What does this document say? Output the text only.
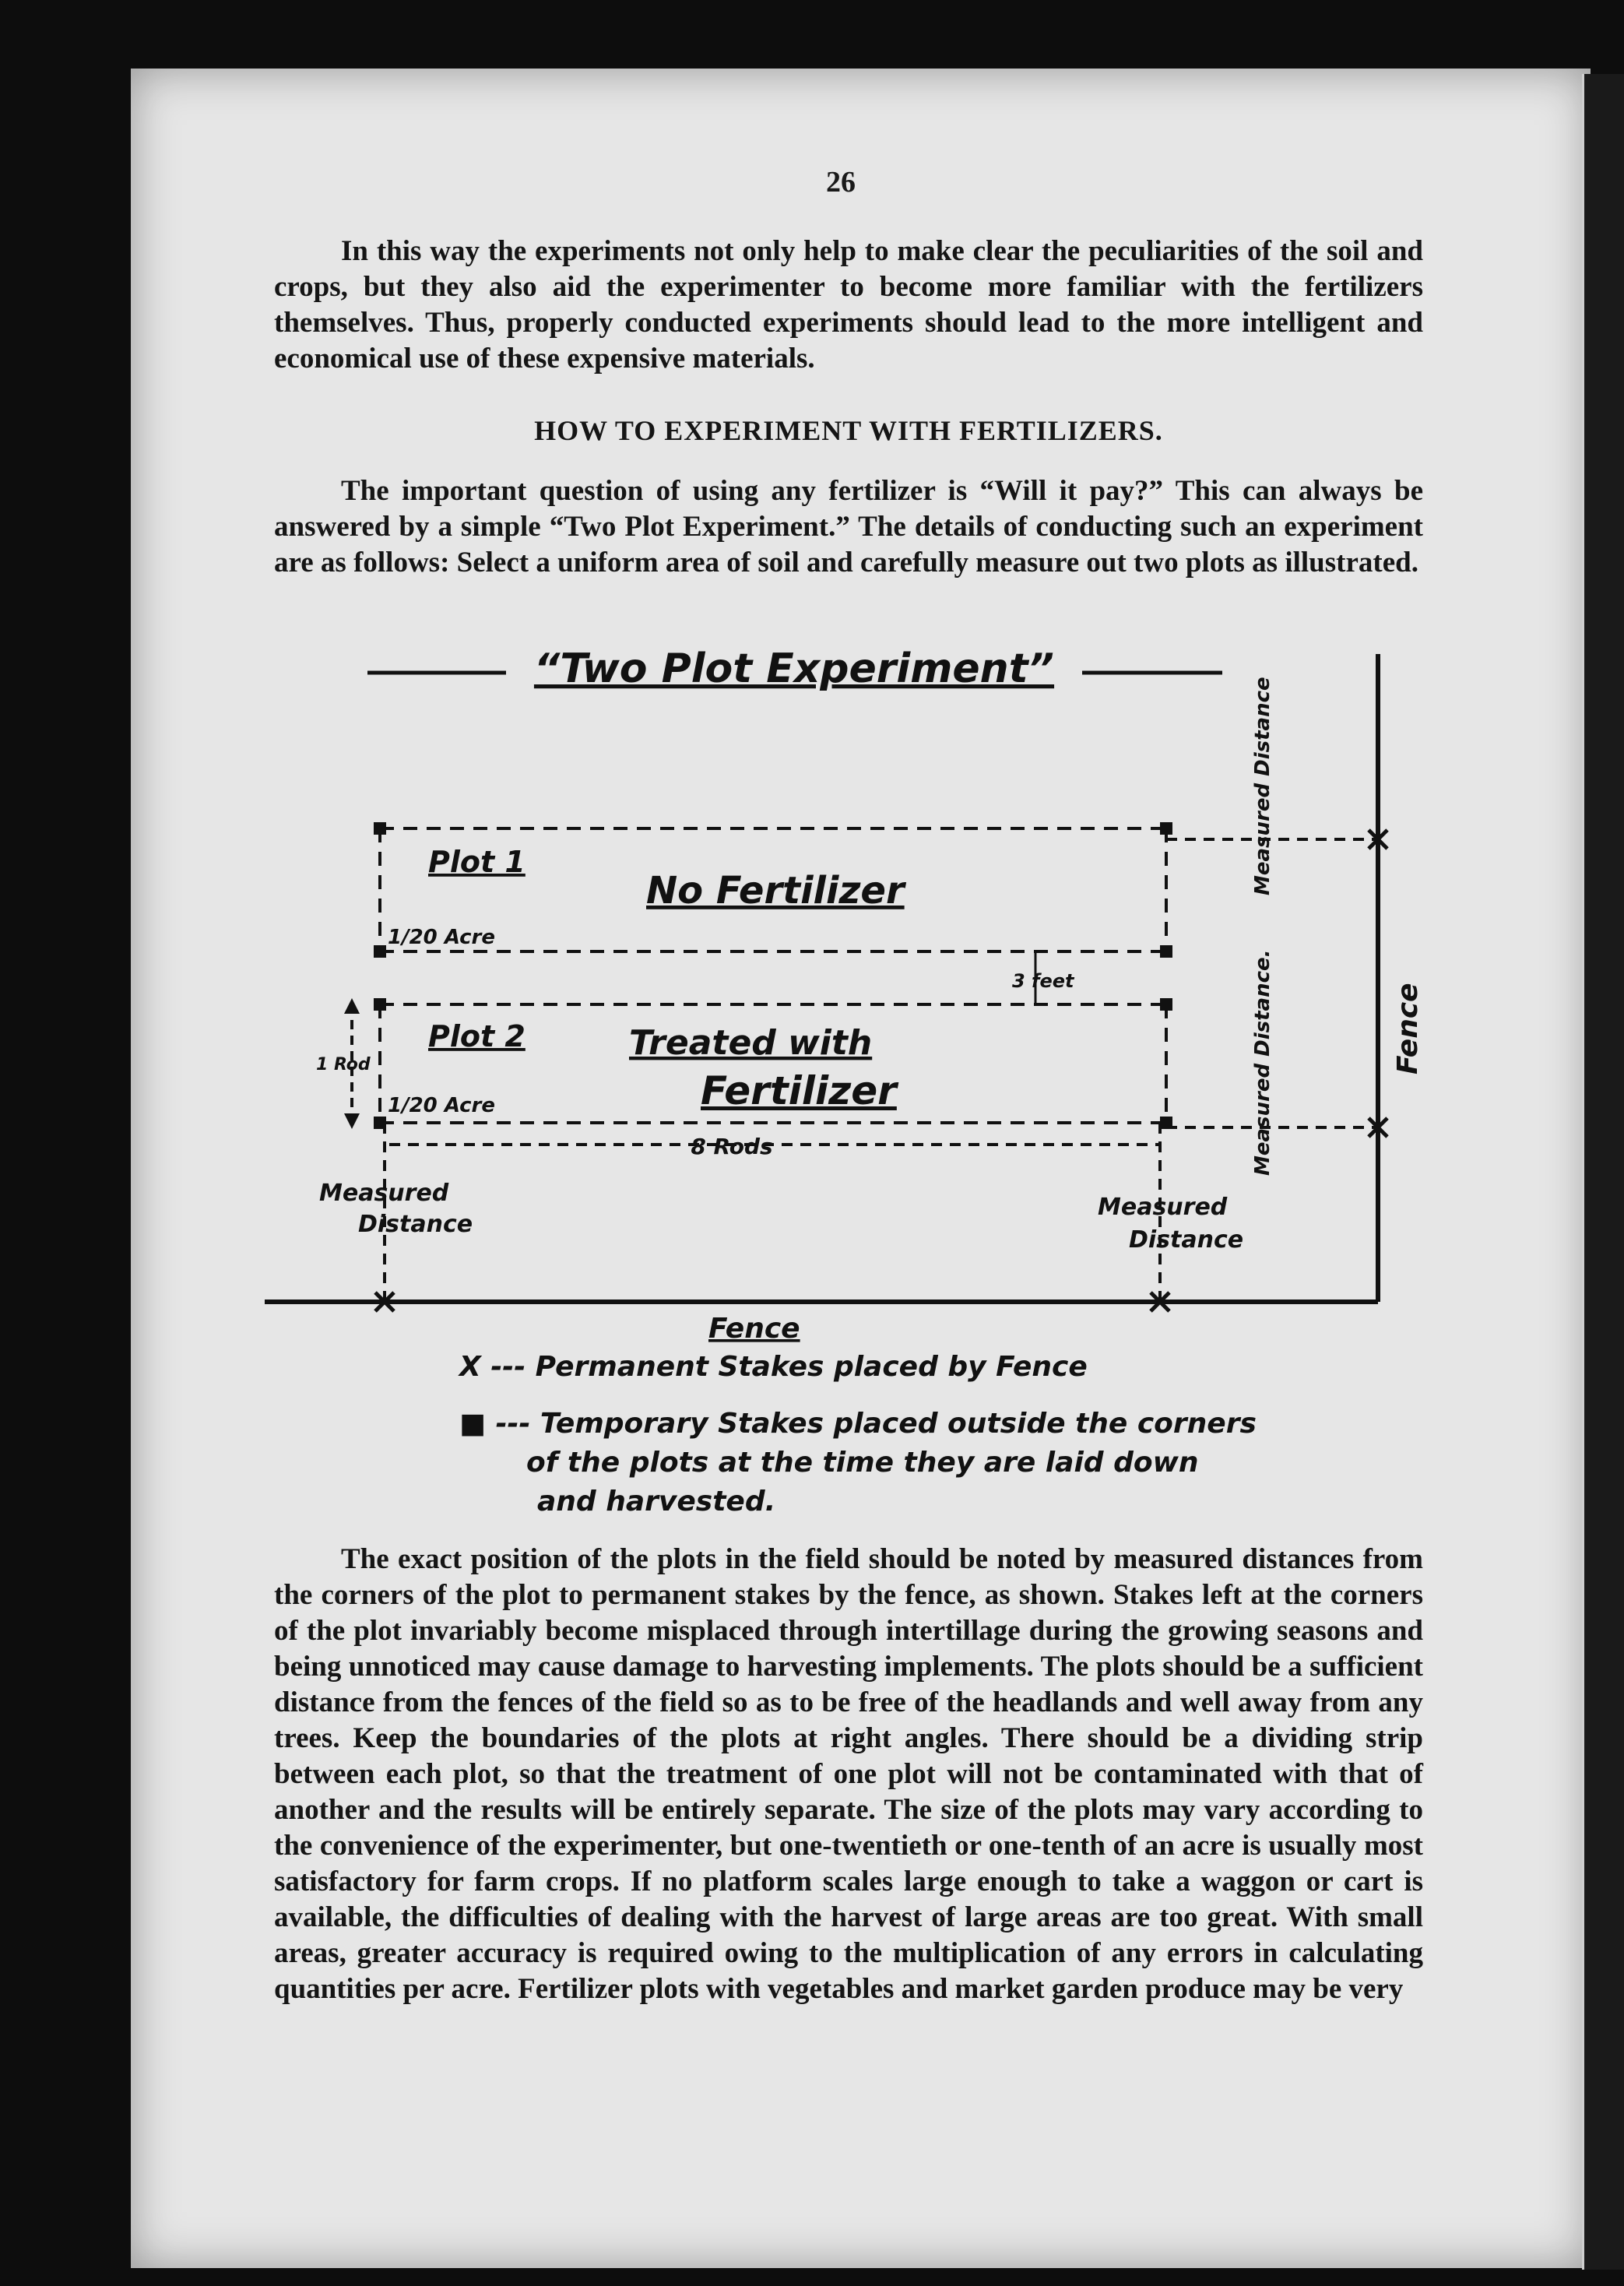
26

In this way the experiments not only help to make clear the peculiarities of the soil and crops, but they also aid the experimenter to become more familiar with the fertilizers themselves. Thus, properly conducted experiments should lead to the more intelligent and economical use of these expensive materials.

HOW TO EXPERIMENT WITH FERTILIZERS.

The important question of using any fertilizer is “Will it pay?” This can always be answered by a simple “Two Plot Experiment.” The details of conducting such an experiment are as follows: Select a uniform area of soil and carefully measure out two plots as illustrated.

“Two Plot Experiment”
Plot 1
1/20 Acre
No Fertilizer
3 feet
Plot 2
1 Rod
1/20 Acre
Treated with
Fertilizer
8 Rods
Measured
Distance
Measured
Distance
Measured Distance
Measured Distance.
Fence
Fence
X --- Permanent Stakes placed by Fence
■ --- Temporary Stakes placed outside the corners
of the plots at the time they are laid down
and harvested.

The exact position of the plots in the field should be noted by measured distances from the corners of the plot to permanent stakes by the fence, as shown. Stakes left at the corners of the plot invariably become misplaced through intertillage during the growing seasons and being unnoticed may cause damage to harvesting implements. The plots should be a sufficient distance from the fences of the field so as to be free of the headlands and well away from any trees. Keep the boundaries of the plots at right angles. There should be a dividing strip between each plot, so that the treatment of one plot will not be contaminated with that of another and the results will be entirely separate. The size of the plots may vary according to the convenience of the experimenter, but one-twentieth or one-tenth of an acre is usually most satisfactory for farm crops. If no platform scales large enough to take a waggon or cart is available, the difficulties of dealing with the harvest of large areas are too great. With small areas, greater accuracy is required owing to the multiplication of any errors in calculating quantities per acre. Fertilizer plots with vegetables and market garden produce may be very
